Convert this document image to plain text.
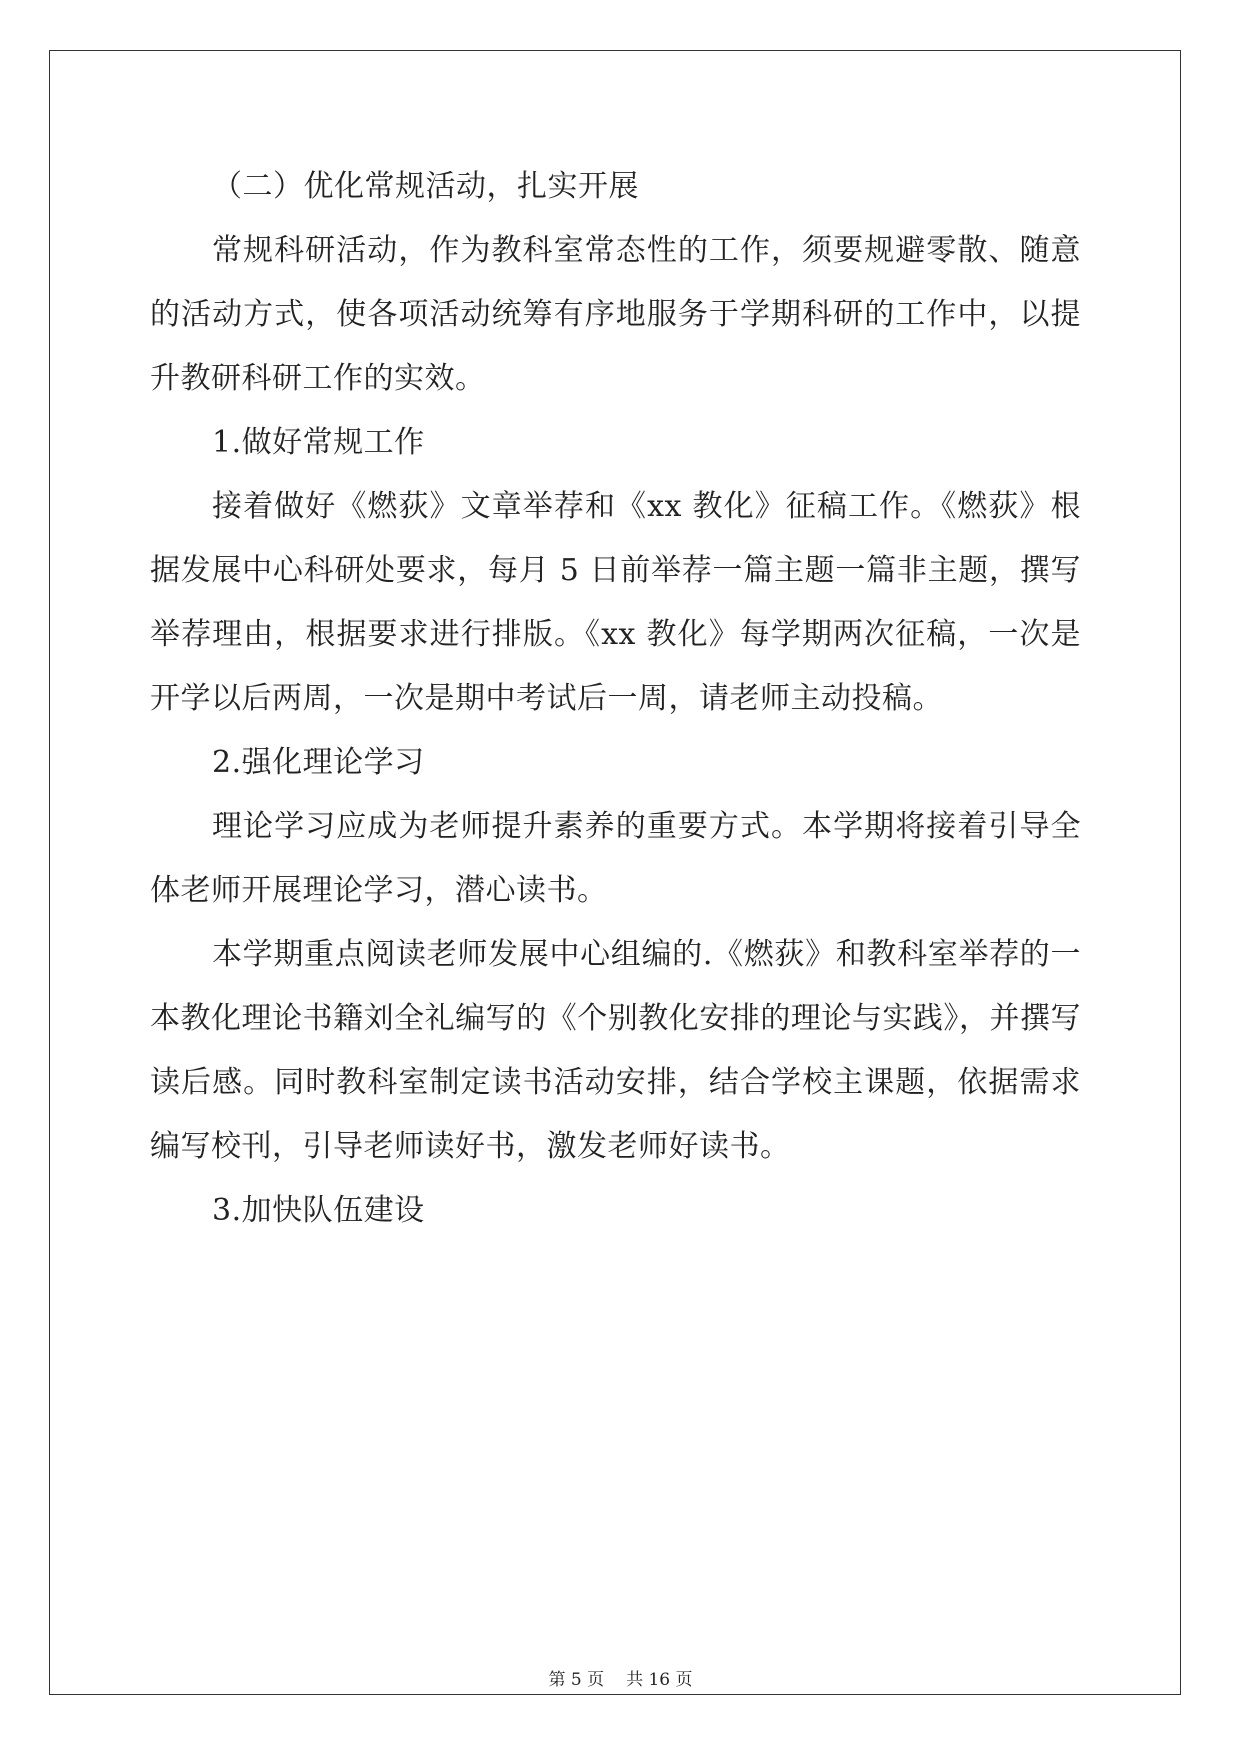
（二）优化常规活动，扎实开展

常规科研活动，作为教科室常态性的工作，须要规避零散、随意

的活动方式，使各项活动统筹有序地服务于学期科研的工作中，以提

升教研科研工作的实效。

1.做好常规工作

接着做好《燃荻》文章举荐和《xx 教化》征稿工作。《燃荻》根

据发展中心科研处要求，每月 5 日前举荐一篇主题一篇非主题，撰写

举荐理由，根据要求进行排版。《xx 教化》每学期两次征稿，一次是

开学以后两周，一次是期中考试后一周，请老师主动投稿。

2.强化理论学习

理论学习应成为老师提升素养的重要方式。本学期将接着引导全

体老师开展理论学习，潜心读书。

本学期重点阅读老师发展中心组编的.《燃荻》和教科室举荐的一

本教化理论书籍刘全礼编写的《个别教化安排的理论与实践》，并撰写

读后感。同时教科室制定读书活动安排，结合学校主课题，依据需求

编写校刊，引导老师读好书，激发老师好读书。

3.加快队伍建设

第 5 页 共 16 页
